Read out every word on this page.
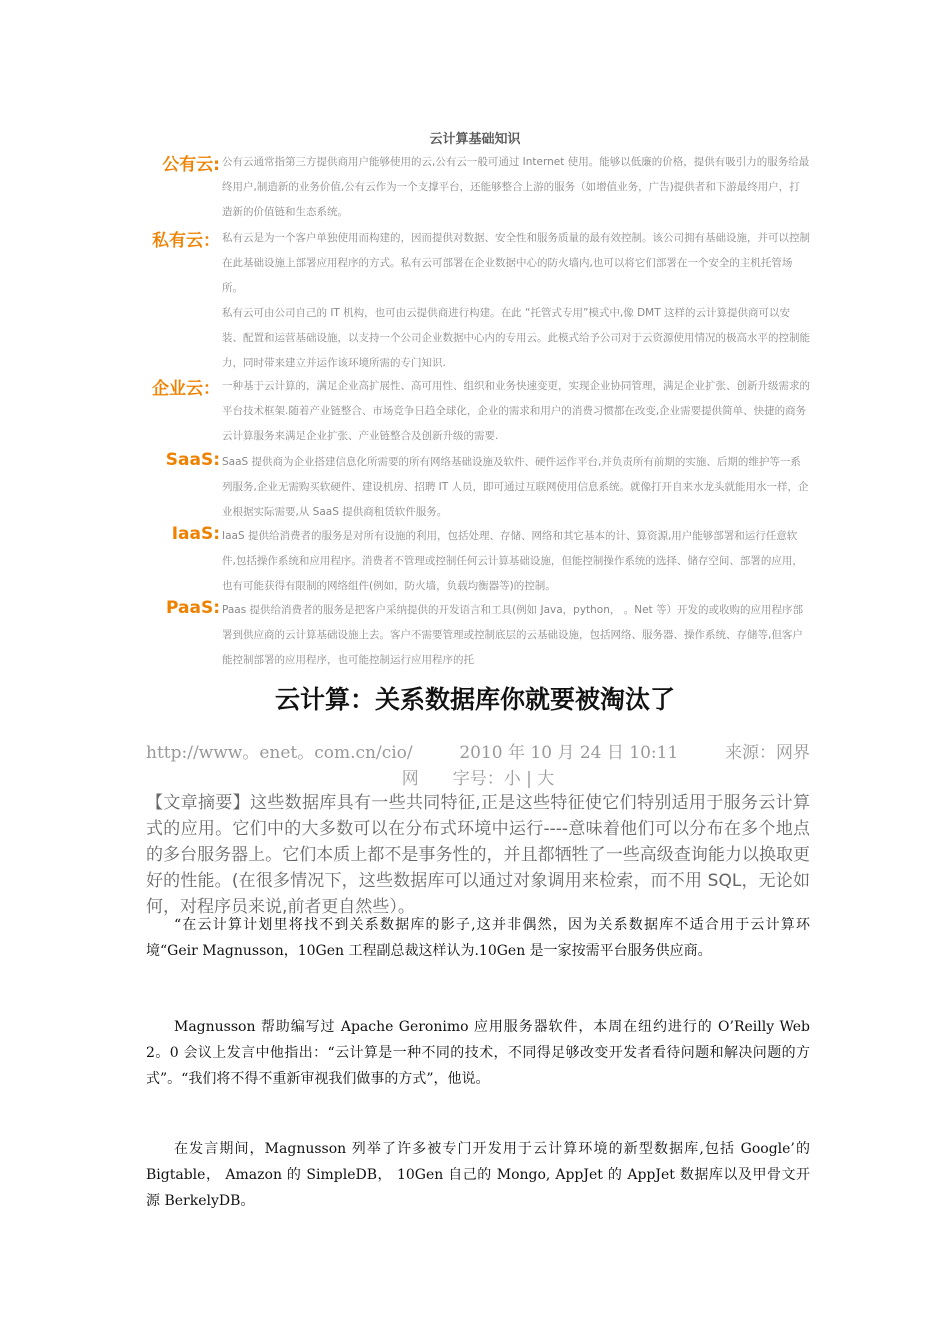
云计算基础知识
公有云: 公有云通常指第三方提供商用户能够使用的云,公有云一般可通过 Internet 使用。能够以低廉的价格，提供有吸引力的服务给最终用户,制造新的业务价值,公有云作为一个支撑平台，还能够整合上游的服务（如增值业务，广告)提供者和下游最终用户，打造新的价值链和生态系统。

私有云： 私有云是为一个客户单独使用而构建的，因而提供对数据、安全性和服务质量的最有效控制。该公司拥有基础设施，并可以控制在此基础设施上部署应用程序的方式。私有云可部署在企业数据中心的防火墙内,也可以将它们部署在一个安全的主机托管场所。

私有云可由公司自己的 IT 机构，也可由云提供商进行构建。在此 “托管式专用”模式中,像 DMT 这样的云计算提供商可以安装、配置和运营基础设施，以支持一个公司企业数据中心内的专用云。此模式给予公司对于云资源使用情况的极高水平的控制能力，同时带来建立并运作该环境所需的专门知识.

企业云： 一种基于云计算的，满足企业高扩展性、高可用性、组织和业务快速变更，实现企业协同管理，满足企业扩张、创新升级需求的平台技术框架.随着产业链整合、市场竞争日趋全球化，企业的需求和用户的消费习惯都在改变,企业需要提供简单、快捷的商务云计算服务来满足企业扩张、产业链整合及创新升级的需要.

SaaS: SaaS 提供商为企业搭建信息化所需要的所有网络基础设施及软件、硬件运作平台,并负责所有前期的实施、后期的维护等一系列服务,企业无需购买软硬件、建设机房、招聘 IT 人员，即可通过互联网使用信息系统。就像打开自来水龙头就能用水一样，企业根据实际需要,从 SaaS 提供商租赁软件服务。

IaaS: IaaS 提供给消费者的服务是对所有设施的利用，包括处理、存储、网络和其它基本的计、算资源,用户能够部署和运行任意软件,包括操作系统和应用程序。消费者不管理或控制任何云计算基础设施，但能控制操作系统的选择、储存空间、部署的应用，也有可能获得有限制的网络组件(例如，防火墙，负载均衡器等)的控制。

PaaS: Paas 提供给消费者的服务是把客户采纳提供的开发语言和工具(例如 Java，python， 。Net 等）开发的或收购的应用程序部署到供应商的云计算基础设施上去。客户不需要管理或控制底层的云基础设施，包括网络、服务器、操作系统、存储等,但客户能控制部署的应用程序，也可能控制运行应用程序的托

云计算：关系数据库你就要被淘汰了
http://www。enet。com.cn/cio/	2010 年 10 月 24 日 10:11	来源：网界
网　　字号：小 | 大
【文章摘要】这些数据库具有一些共同特征,正是这些特征使它们特别适用于服务云计算式的应用。它们中的大多数可以在分布式环境中运行----意味着他们可以分布在多个地点的多台服务器上。它们本质上都不是事务性的，并且都牺牲了一些高级查询能力以换取更好的性能。(在很多情况下，这些数据库可以通过对象调用来检索，而不用 SQL，无论如何，对程序员来说,前者更自然些）。
“在云计算计划里将找不到关系数据库的影子,这并非偶然，因为关系数据库不适合用于云计算环境“Geir Magnusson，10Gen 工程副总裁这样认为.10Gen 是一家按需平台服务供应商。
Magnusson 帮助编写过 Apache Geronimo 应用服务器软件，本周在纽约进行的 O’Reilly Web 2。0 会议上发言中他指出：“云计算是一种不同的技术，不同得足够改变开发者看待问题和解决问题的方式”。“我们将不得不重新审视我们做事的方式”，他说。
在发言期间，Magnusson 列举了许多被专门开发用于云计算环境的新型数据库,包括 Google’的 Bigtable， Amazon 的 SimpleDB， 10Gen 自己的 Mongo, AppJet 的 AppJet 数据库以及甲骨文开源 BerkelyDB。
